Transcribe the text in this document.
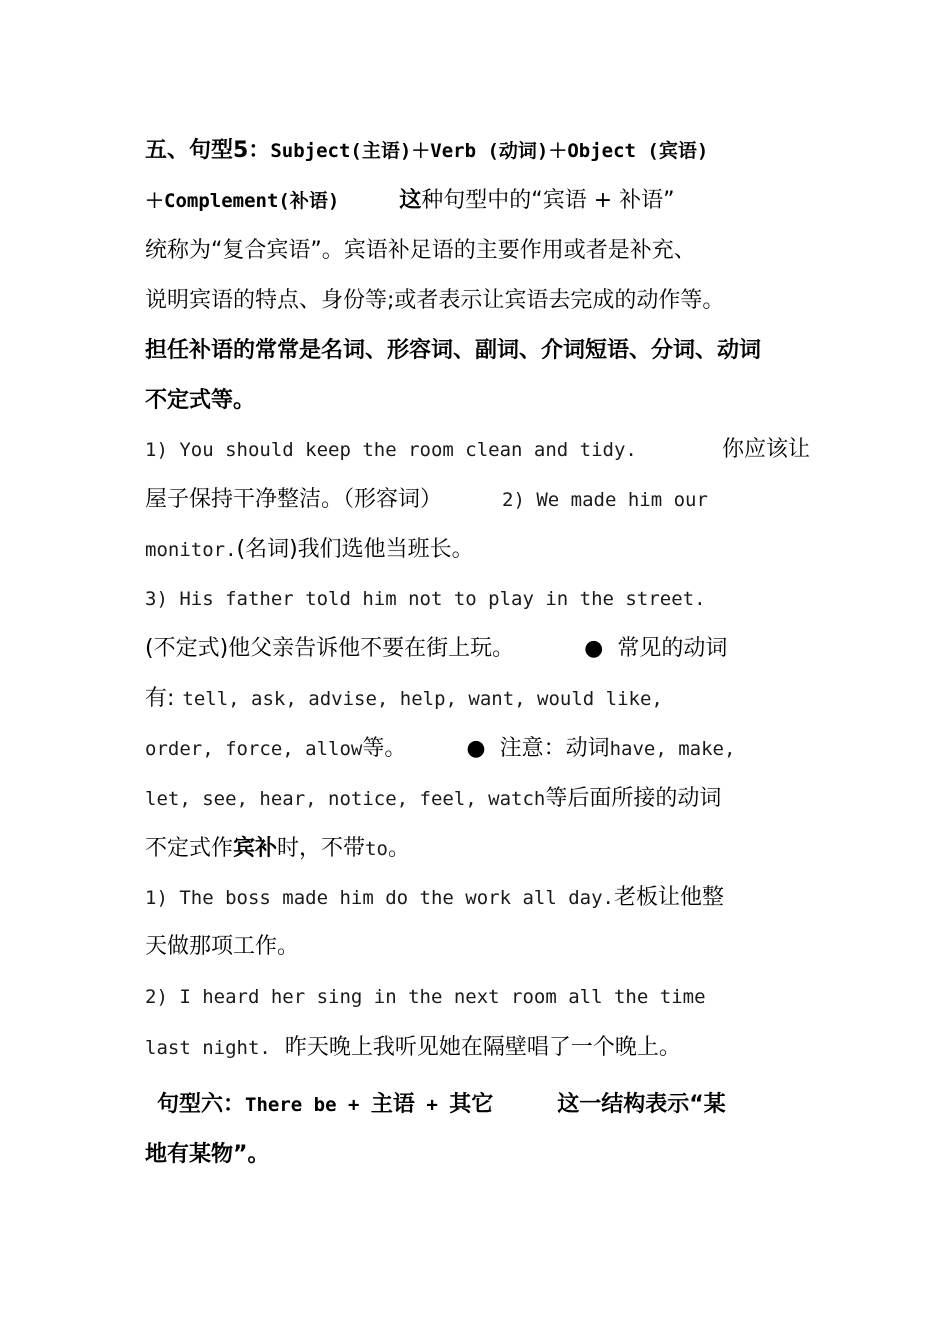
五、句型5：Subject(主语)＋Verb (动词)＋Object (宾语)
＋Complement(补语)	这种句型中的“宾语 + 补语”
统称为“复合宾语”。宾语补足语的主要作用或者是补充、
说明宾语的特点、身份等;或者表示让宾语去完成的动作等。
担任补语的常常是名词、形容词、副词、介词短语、分词、动词
不定式等。
1) You should keep the room clean and tidy.	你应该让
屋子保持干净整洁。（形容词）	2) We made him our
monitor.(名词)我们选他当班长。
3) His father told him not to play in the street.
(不定式)他父亲告诉他不要在街上玩。	● 常见的动词
有: tell, ask, advise, help, want, would like,
order, force, allow等。	● 注意：动词have, make,
let, see, hear, notice, feel, watch等后面所接的动词
不定式作宾补时，不带to。
1) The boss made him do the work all day.老板让他整
天做那项工作。
2) I heard her sing in the next room all the time
last night. 昨天晚上我听见她在隔壁唱了一个晚上。
句型六：There be + 主语 + 其它	这一结构表示“某
地有某物”。
